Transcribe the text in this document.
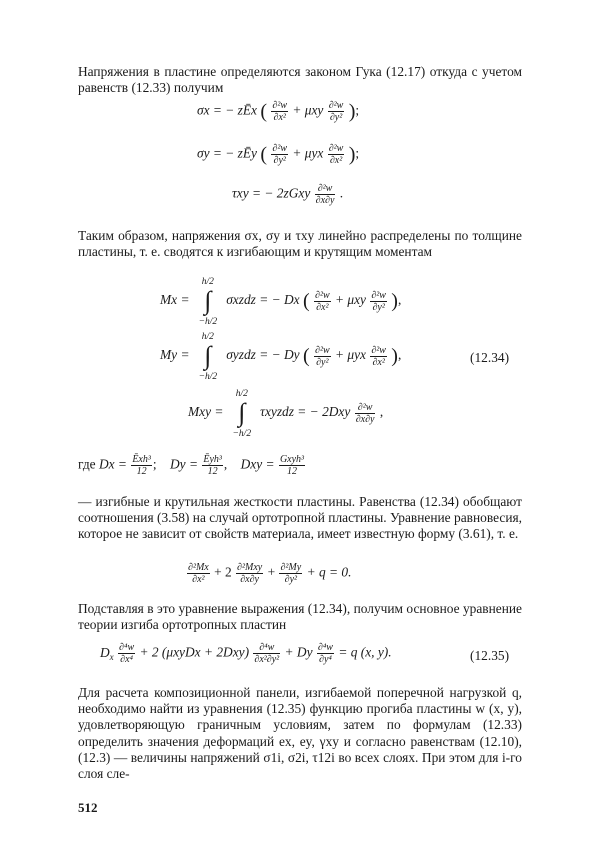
Напряжения в пластине определяются законом Гука (12.17) откуда с учетом равенств (12.33) получим

Таким образом, напряжения σx, σy и τxy линейно распределены по толщине пластины, т. е. сводятся к изгибающим и крутящим моментам

— изгибные и крутильная жесткости пластины. Равенства (12.34) обобщают соотношения (3.58) на случай ортотропной пластины. Уравнение равновесия, которое не зависит от свойств материала, имеет известную форму (3.61), т. е.

Подставляя в это уравнение выражения (12.34), получим основное уравнение теории изгиба ортотропных пластин

Для расчета композиционной панели, изгибаемой поперечной нагрузкой q, необходимо найти из уравнения (12.35) функцию прогиба пластины w (x, y), удовлетворяющую граничным условиям, затем по формулам (12.33) определить значения деформаций ex, ey, γxy и согласно равенствам (12.10), (12.3) — величины напряжений σ1i, σ2i, τ12i во всех слоях. При этом для i-го слоя сле-

σx = − zĒx ( $\frac{\text{∂²w}}{\text{∂x²}} + \mu xy \frac{\text{∂²w}}{\text{∂y²}}$ );
σy = − zĒy ( $\frac{\text{∂²w}}{\text{∂y²}} + \mu yx \frac{\text{∂²w}}{\text{∂x²}}$ );
τxy = − 2zGxy $\frac{\text{∂²w}}{\partial x\partial y}$ .
Mx =
h/2
∫
−h/2
σxzdz = − Dx ( $\frac{\text{∂²w}}{\text{∂x²}} + \mu xy \frac{\text{∂²w}}{\text{∂y²}}$ ),
My =
h/2
∫
−h/2
σyzdz = − Dy ( $\frac{\text{∂²w}}{\text{∂y²}} + \mu yx \frac{\text{∂²w}}{\text{∂x²}}$ ),	(12.34)
Mxy =
h/2
∫
−h/2
τxyzdz = − $2Dxy \frac{\text{∂²w}}{\partial x\partial y}$ ,
где $Dx = \frac{\text{Ēxh³}}{12}$ ; $Dy = \frac{\text{Ēyh³}}{12}$ , Dxy = $\frac{\text{Gxyh³}}{12}$
$\frac{\text{∂²Mx}}{\text{∂x²}} + 2 \frac{\text{∂²Mxy}}{\partial x\partial y} + \frac{\text{∂²My}}{\text{∂y²}} + q = 0$.
$D_x \frac{\text{∂⁴w}}{\text{∂x⁴}} + 2$ (μxyDx + $2Dxy) \frac{\text{∂⁴w}}{\text{∂x²∂y²}} + Dy \frac{\text{∂⁴w}}{\text{∂y⁴}} = q$ (x, y).	(12.35)
512
